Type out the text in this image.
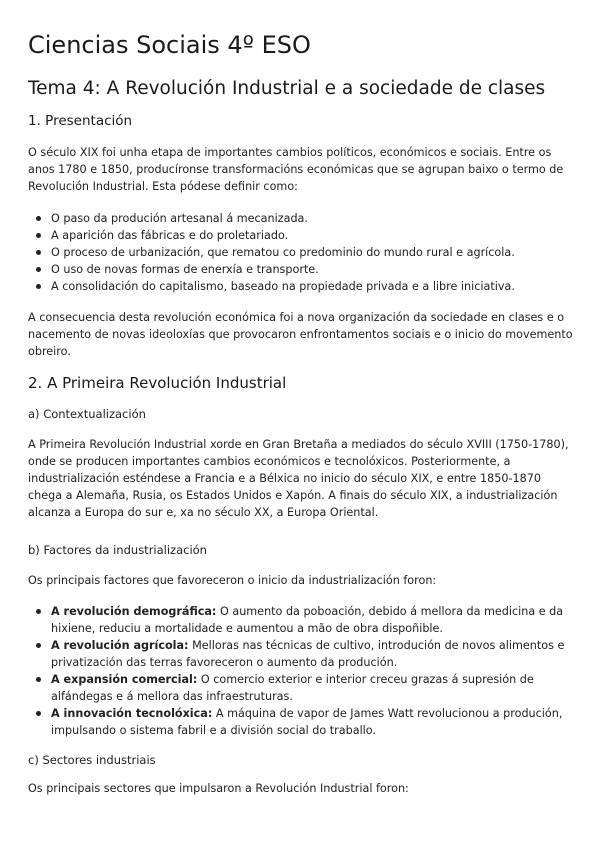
Ciencias Sociais 4º ESO
Tema 4: A Revolución Industrial e a sociedade de clases
1. Presentación

O século XIX foi unha etapa de importantes cambios políticos, económicos e sociais. Entre os anos 1780 e 1850, producíronse transformacións económicas que se agrupan baixo o termo de Revolución Industrial. Esta pódese definir como:

O paso da produción artesanal á mecanizada.
A aparición das fábricas e do proletariado.
O proceso de urbanización, que rematou co predominio do mundo rural e agrícola.
O uso de novas formas de enerxía e transporte.
A consolidación do capitalismo, baseado na propiedade privada e a libre iniciativa.

A consecuencia desta revolución económica foi a nova organización da sociedade en clases e o nacemento de novas ideoloxías que provocaron enfrontamentos sociais e o inicio do movemento obreiro.

2. A Primeira Revolución Industrial
a) Contextualización

A Primeira Revolución Industrial xorde en Gran Bretaña a mediados do século XVIII (1750-1780), onde se producen importantes cambios económicos e tecnolóxicos. Posteriormente, a industrialización esténdese a Francia e a Bélxica no inicio do século XIX, e entre 1850-1870 chega a Alemaña, Rusia, os Estados Unidos e Xapón. A finais do século XIX, a industrialización alcanza a Europa do sur e, xa no século XX, a Europa Oriental.

b) Factores da industrialización

Os principais factores que favoreceron o inicio da industrialización foron:

A revolución demográfica: O aumento da poboación, debido á mellora da medicina e da hixiene, reduciu a mortalidade e aumentou a mão de obra dispoñible.
A revolución agrícola: Melloras nas técnicas de cultivo, introdución de novos alimentos e privatización das terras favoreceron o aumento da produción.
A expansión comercial: O comercio exterior e interior creceu grazas á supresión de alfándegas e á mellora das infraestruturas.
A innovación tecnolóxica: A máquina de vapor de James Watt revolucionou a produción, impulsando o sistema fabril e a división social do traballo.
c) Sectores industriais

Os principais sectores que impulsaron a Revolución Industrial foron:
